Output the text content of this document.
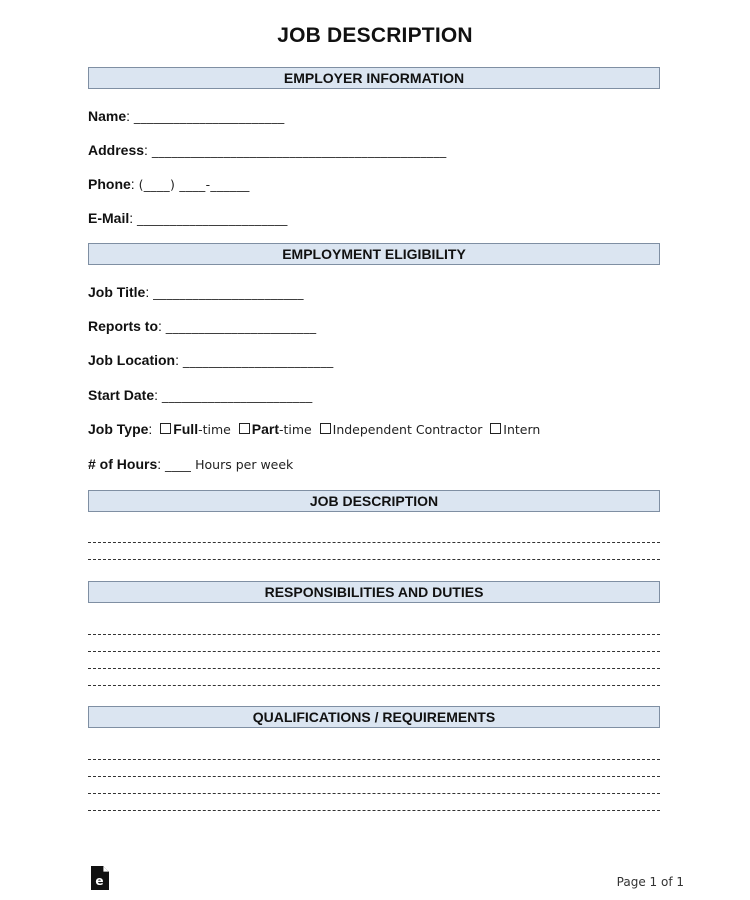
JOB DESCRIPTION
EMPLOYER INFORMATION
Name: _______________________
Address: _____________________________________________
Phone: (____) ____-______
E-Mail: _______________________
EMPLOYMENT ELIGIBILITY
Job Title: _______________________
Reports to: _______________________
Job Location: _______________________
Start Date: _______________________
Job Type: Full-time Part-time Independent Contractor Intern
# of Hours: ____ Hours per week
JOB DESCRIPTION
RESPONSIBILITIES AND DUTIES
QUALIFICATIONS / REQUIREMENTS
e	Page 1 of 1
